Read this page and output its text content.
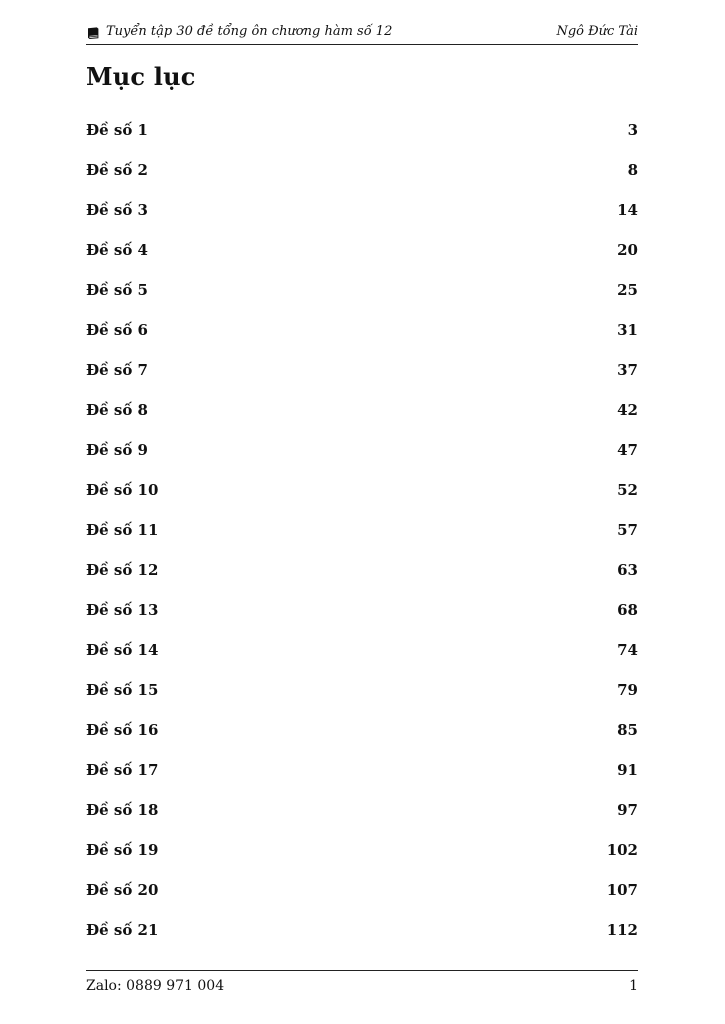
Tuyển tập 30 đề tổng ôn chương hàm số 12	Ngô Đức Tài
Mục lục
Đề số 1	3
Đề số 2	8
Đề số 3	14
Đề số 4	20
Đề số 5	25
Đề số 6	31
Đề số 7	37
Đề số 8	42
Đề số 9	47
Đề số 10	52
Đề số 11	57
Đề số 12	63
Đề số 13	68
Đề số 14	74
Đề số 15	79
Đề số 16	85
Đề số 17	91
Đề số 18	97
Đề số 19	102
Đề số 20	107
Đề số 21	112
Zalo: 0889 971 004	1
